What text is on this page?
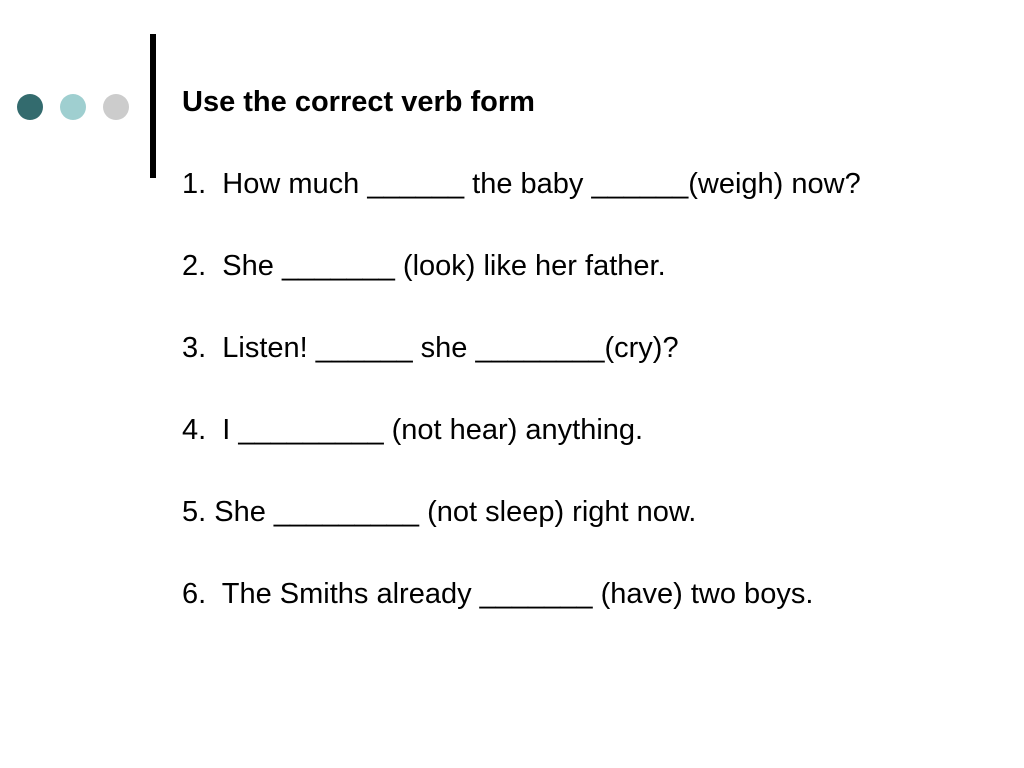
Use the correct verb form
1.  How much ______ the baby ______(weigh) now?
2.  She _______ (look) like her father.
3.  Listen! ______ she ________(cry)?
4.  I _________ (not hear) anything.
5. She _________ (not sleep) right now.
6.  The Smiths already _______ (have) two boys.
